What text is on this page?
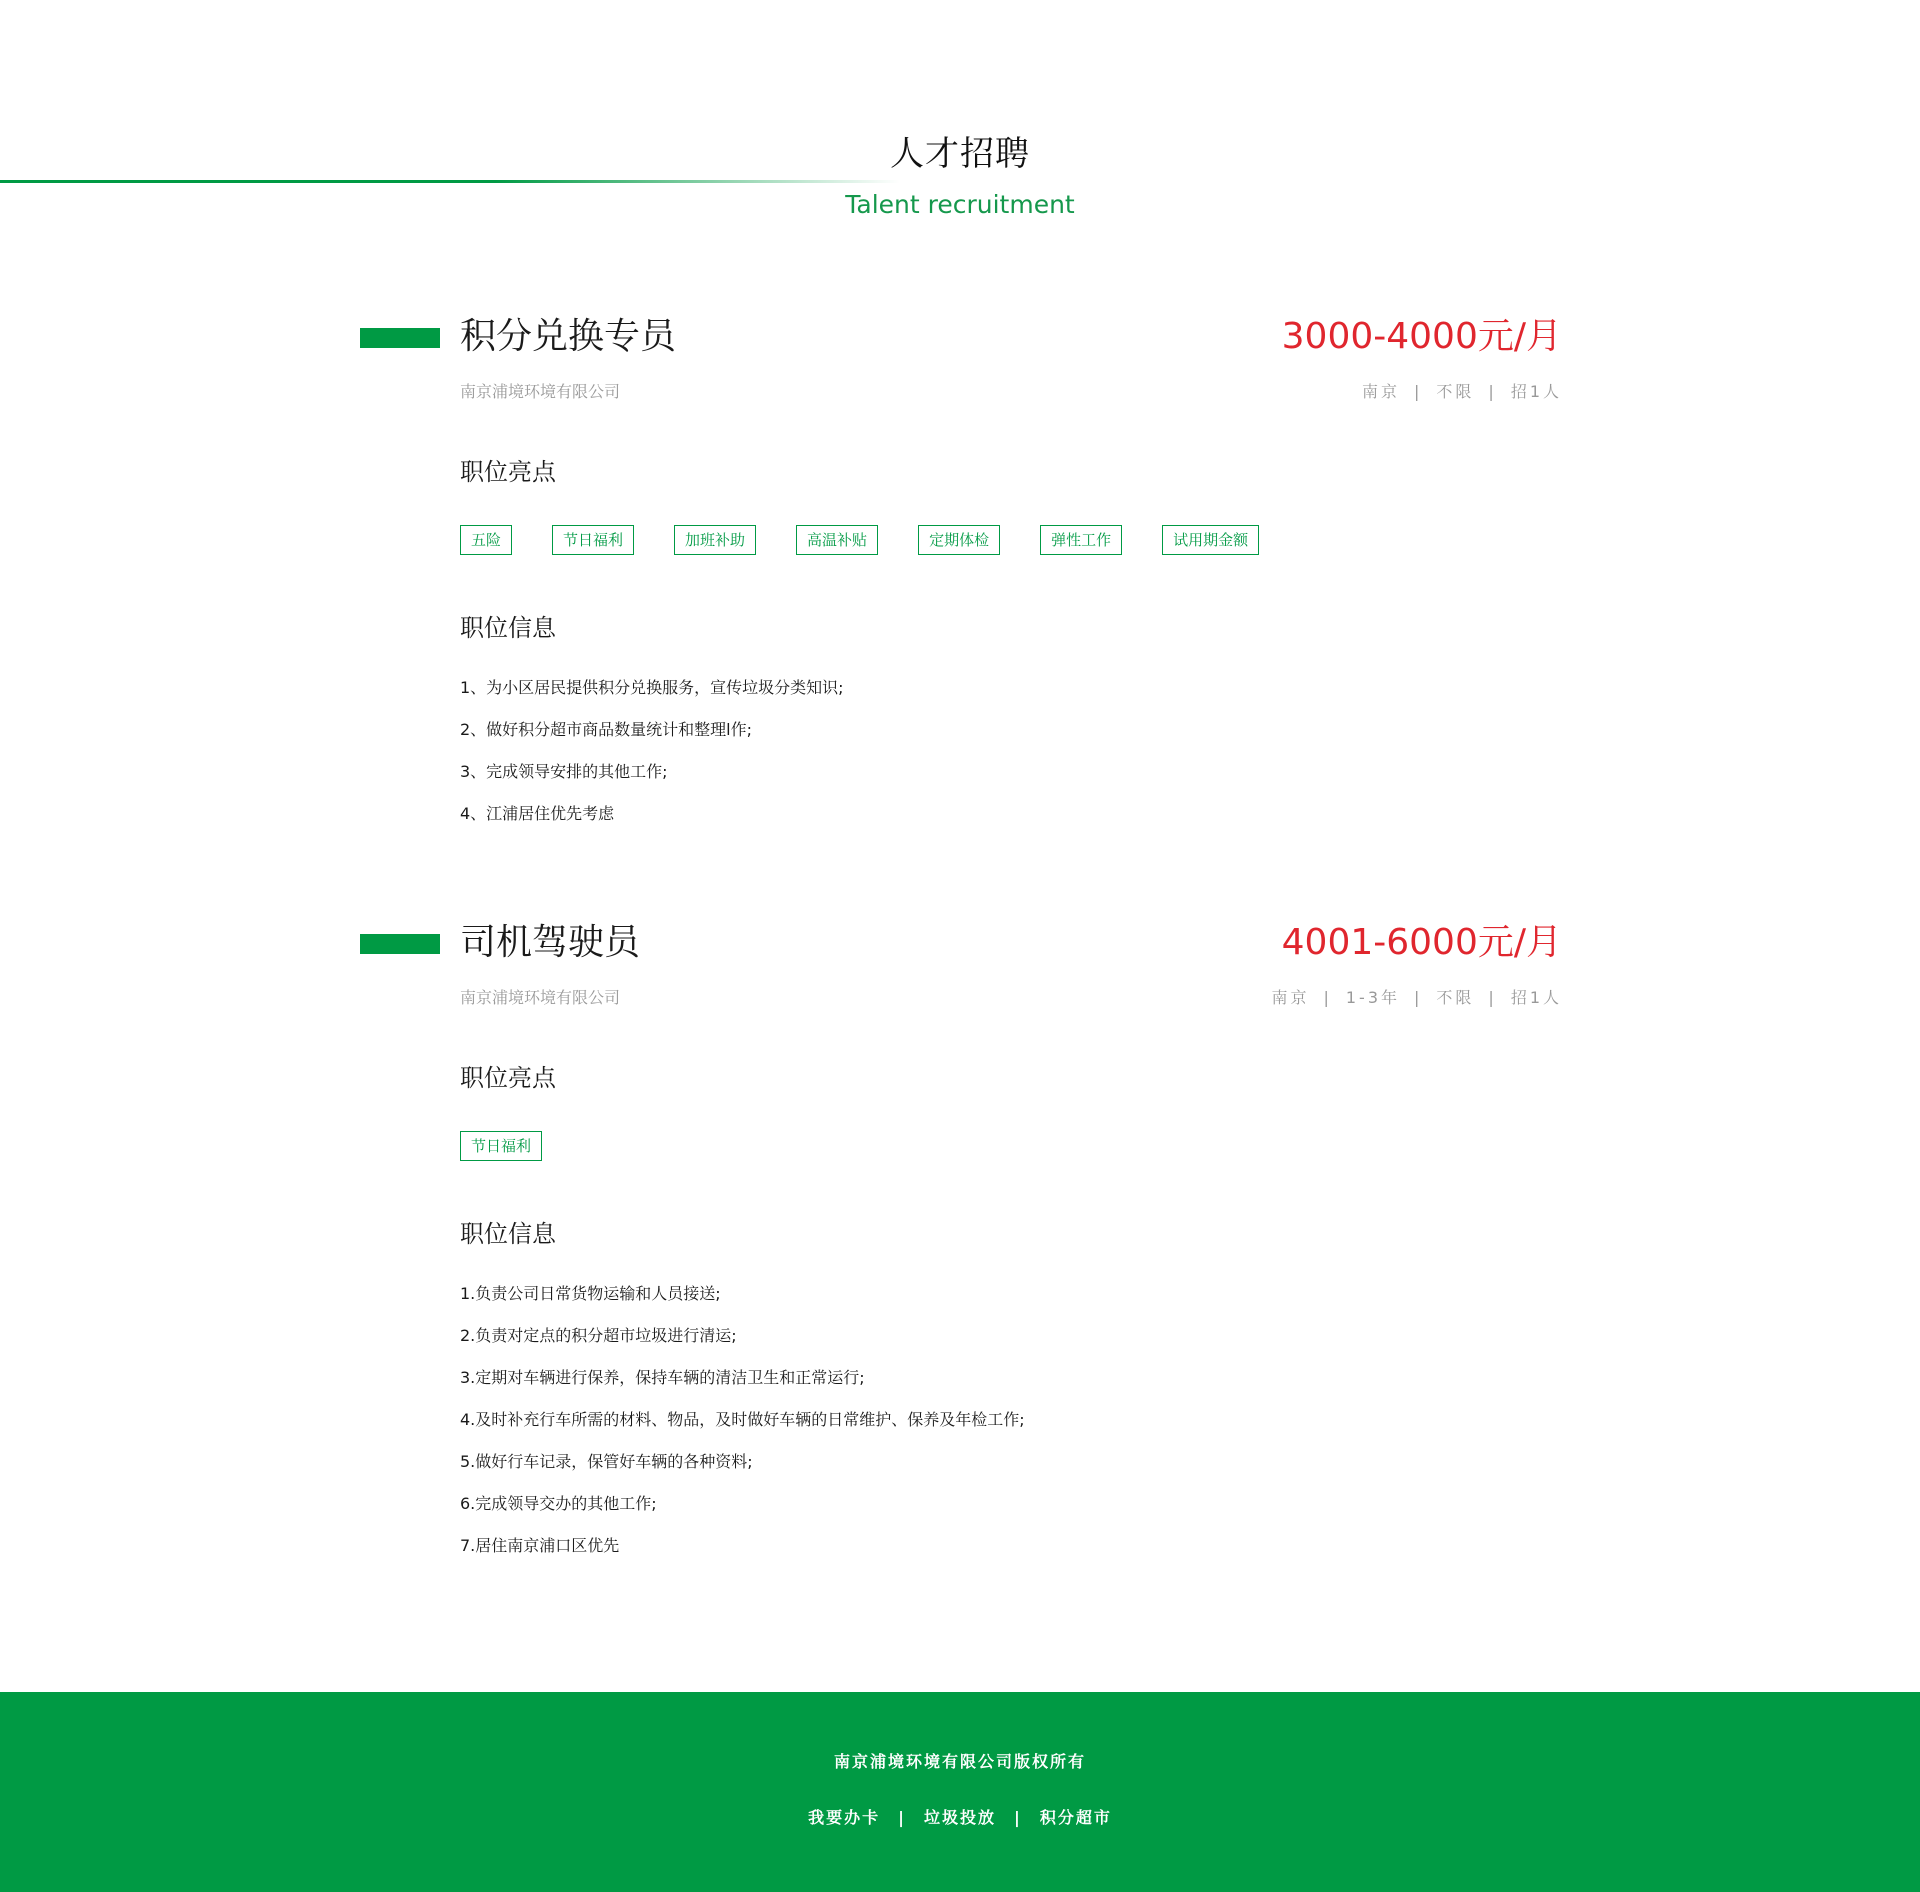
人才招聘
Talent recruitment
积分兑换专员	3000-4000元/月
南京浦境环境有限公司	南京 | 不限 | 招1人
职位亮点
五险	节日福利	加班补助	高温补贴	定期体检	弹性工作	试用期金额
职位信息
1、为小区居民提供积分兑换服务，宣传垃圾分类知识;
2、做好积分超市商品数量统计和整理l作;
3、完成领导安排的其他工作;
4、江浦居住优先考虑
司机驾驶员	4001-6000元/月
南京浦境环境有限公司	南京 | 1-3年 | 不限 | 招1人
职位亮点
节日福利
职位信息
1.负责公司日常货物运输和人员接送;
2.负责对定点的积分超市垃圾进行清运;
3.定期对车辆进行保养，保持车辆的清洁卫生和正常运行;
4.及时补充行车所需的材料、物品，及时做好车辆的日常维护、保养及年检工作;
5.做好行车记录，保管好车辆的各种资料;
6.完成领导交办的其他工作;
7.居住南京浦口区优先
南京浦境环境有限公司版权所有
我要办卡 | 垃圾投放 | 积分超市
